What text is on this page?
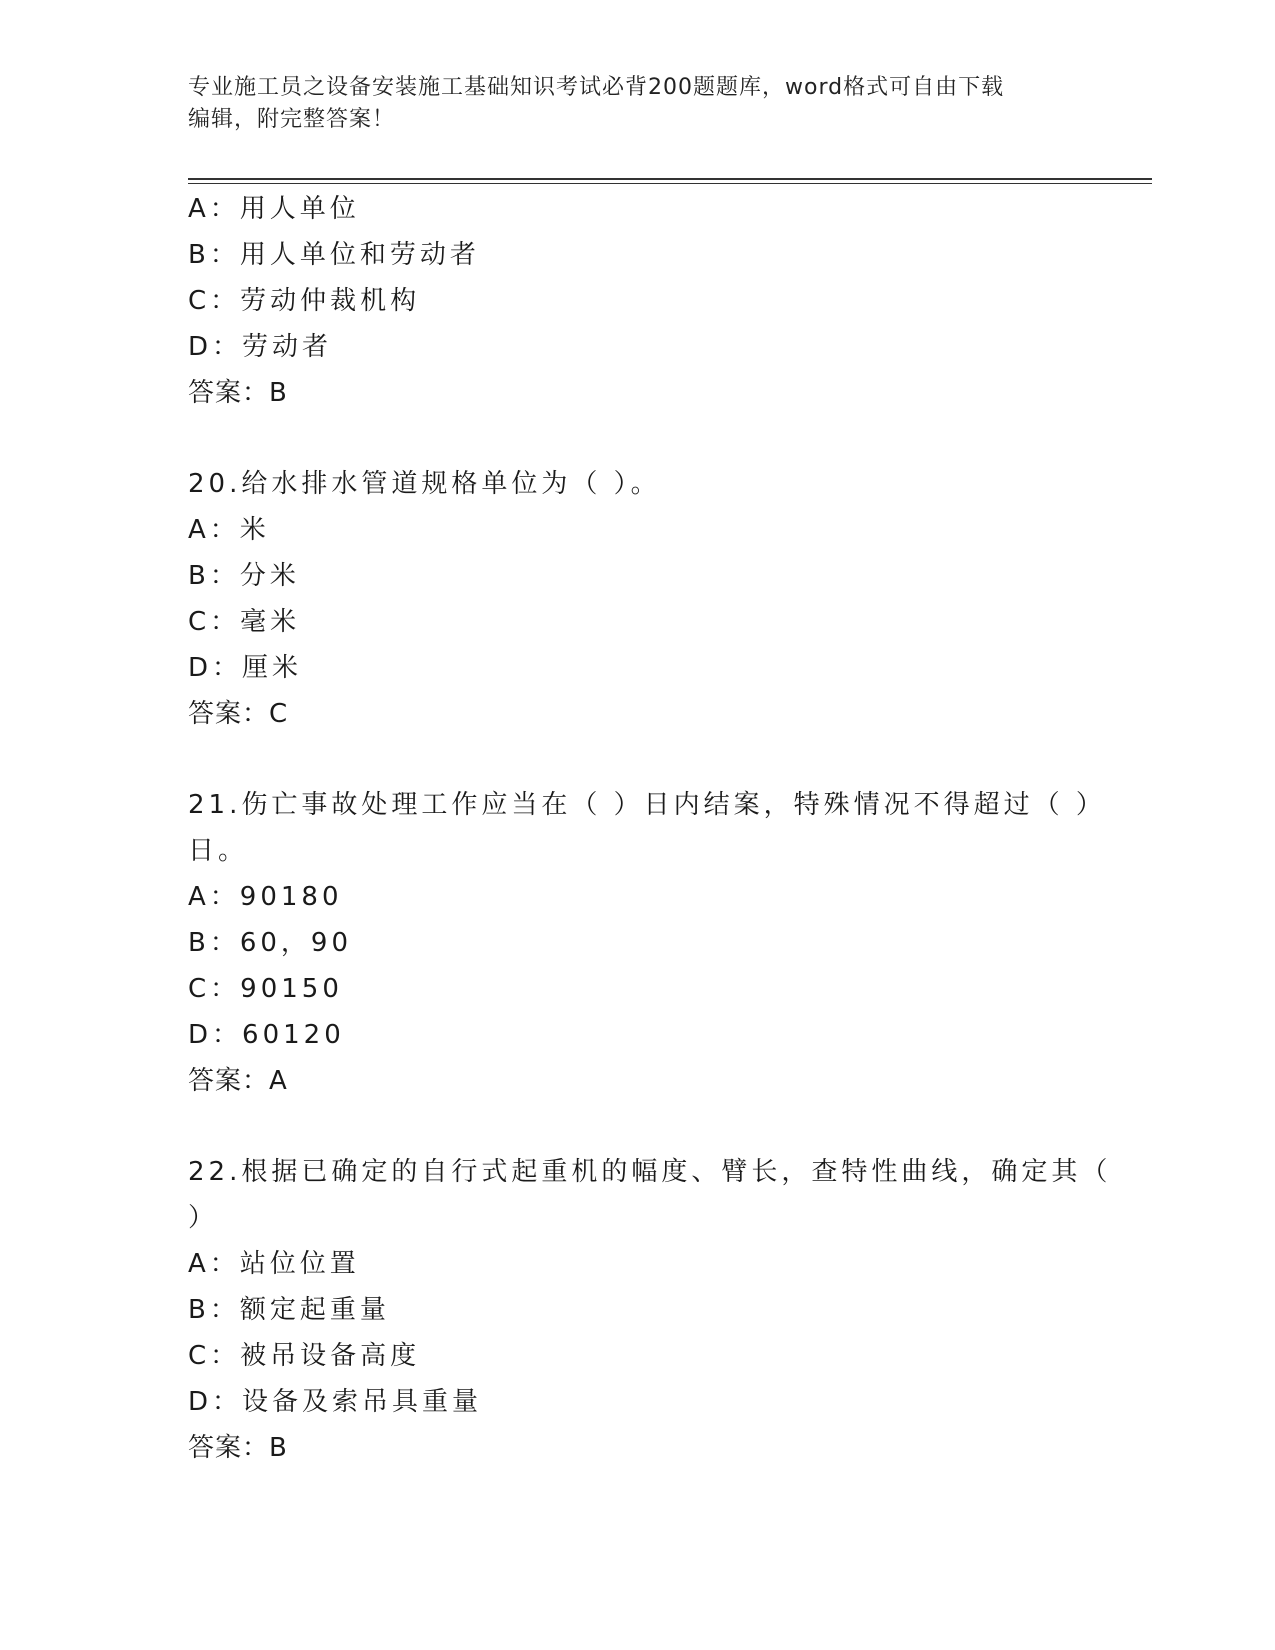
专业施工员之设备安装施工基础知识考试必背200题题库，word格式可自由下载
编辑，附完整答案！
A：用人单位
B：用人单位和劳动者
C：劳动仲裁机构
D：劳动者
答案：B
20.给水排水管道规格单位为（ ）。
A：米
B：分米
C：毫米
D：厘米
答案：C
21.伤亡事故处理工作应当在（ ）日内结案，特殊情况不得超过（ ）
日。
A：90180
B：60，90
C：90150
D：60120
答案：A
22.根据已确定的自行式起重机的幅度、臂长，查特性曲线，确定其（
）
A：站位位置
B：额定起重量
C：被吊设备高度
D：设备及索吊具重量
答案：B
